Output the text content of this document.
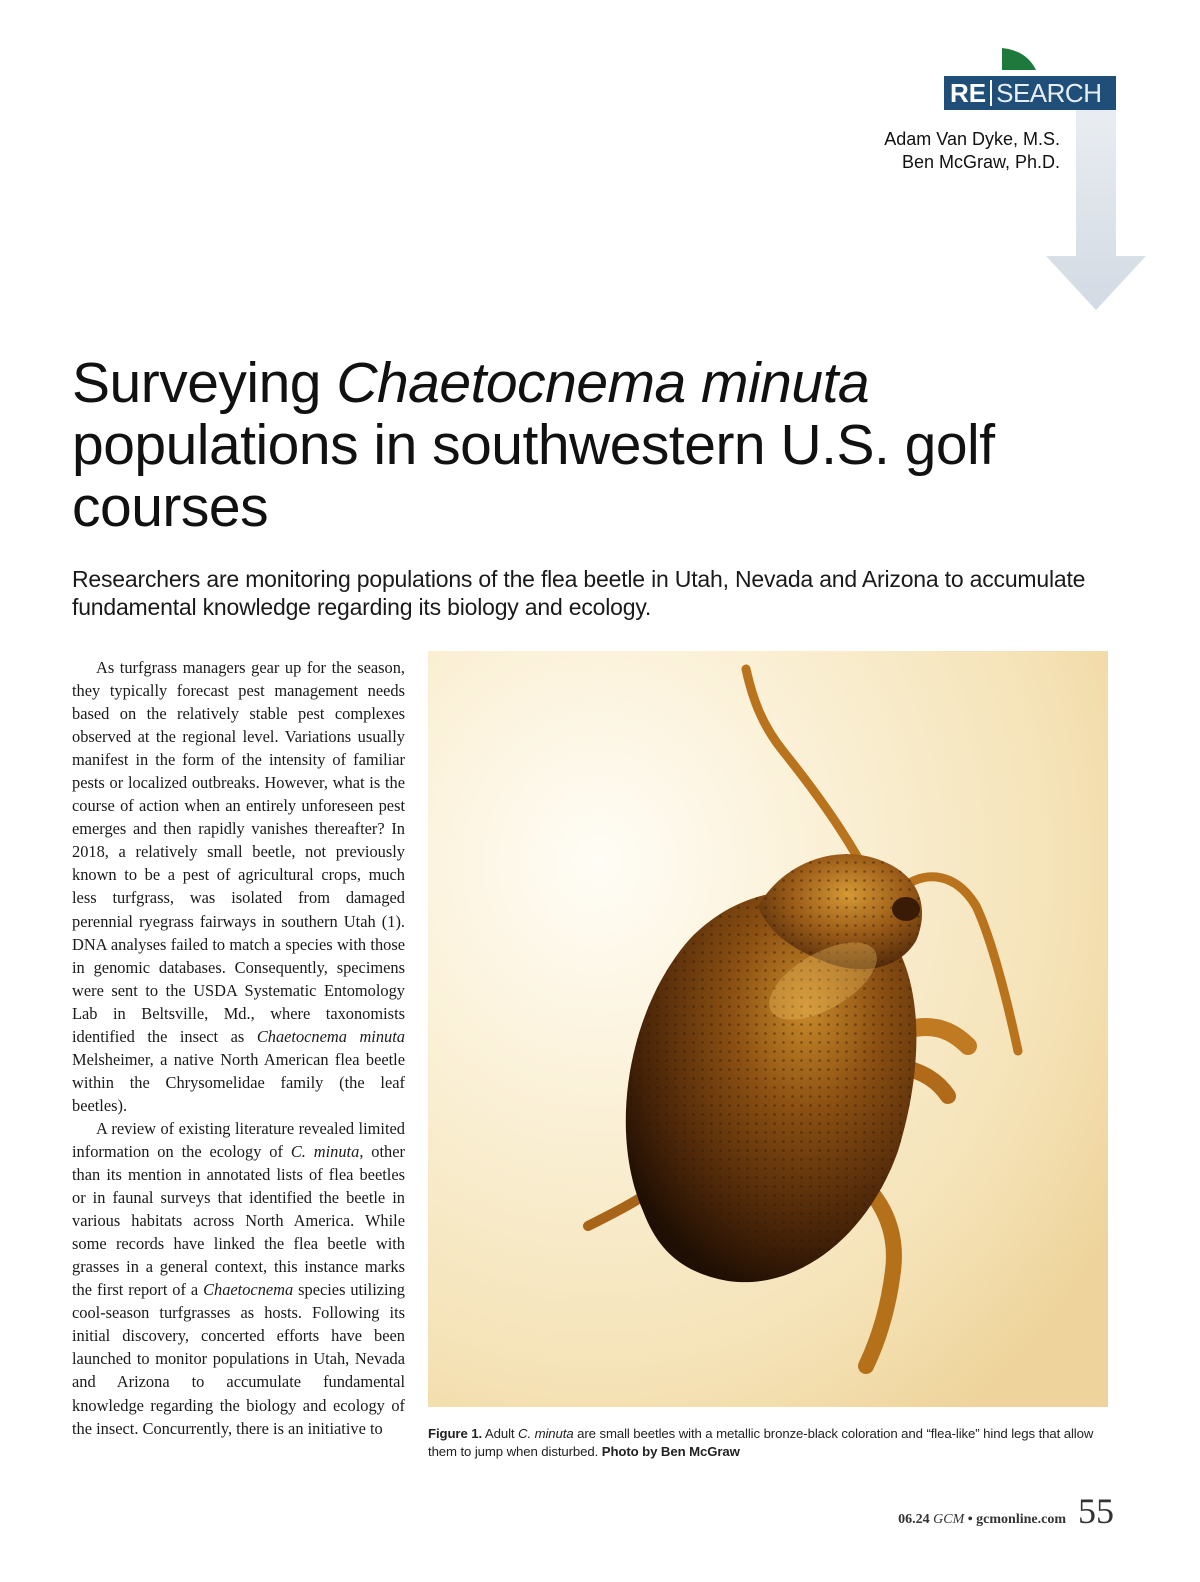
RE SEARCH
Adam Van Dyke, M.S.
Ben McGraw, Ph.D.
Surveying Chaetocnema minuta
populations in southwestern U.S. golf courses

Researchers are monitoring populations of the flea beetle in Utah, Nevada and Arizona to accumulate fundamental knowledge regarding its biology and ecology.

As turfgrass managers gear up for the season, they typically forecast pest management needs based on the relatively stable pest complexes observed at the regional level. Variations usually manifest in the form of the intensity of familiar pests or localized outbreaks. However, what is the course of action when an entirely unforeseen pest emerges and then rapidly vanishes thereafter? In 2018, a relatively small beetle, not previously known to be a pest of agricultural crops, much less turfgrass, was isolated from damaged perennial ryegrass fairways in southern Utah (1). DNA analyses failed to match a species with those in genomic databases. Consequently, specimens were sent to the USDA Systematic Entomology Lab in Beltsville, Md., where taxonomists identified the insect as Chaetocnema minuta Melsheimer, a native North American flea beetle within the Chrysomelidae family (the leaf beetles).

A review of existing literature revealed limited information on the ecology of C. minuta, other than its mention in annotated lists of flea beetles or in faunal surveys that identified the beetle in various habitats across North America. While some records have linked the flea beetle with grasses in a general context, this instance marks the first report of a Chaetocnema species utilizing cool-season turfgrasses as hosts. Following its initial discovery, concerted efforts have been launched to monitor populations in Utah, Nevada and Arizona to accumulate fundamental knowledge regarding the biology and ecology of the insect. Concurrently, there is an initiative to	Figure 1. Adult C. minuta are small beetles with a metallic bronze-black coloration and “flea-like” hind legs that allow them to jump when disturbed. Photo by Ben McGraw
06.24 GCM • gcmonline.com 55
